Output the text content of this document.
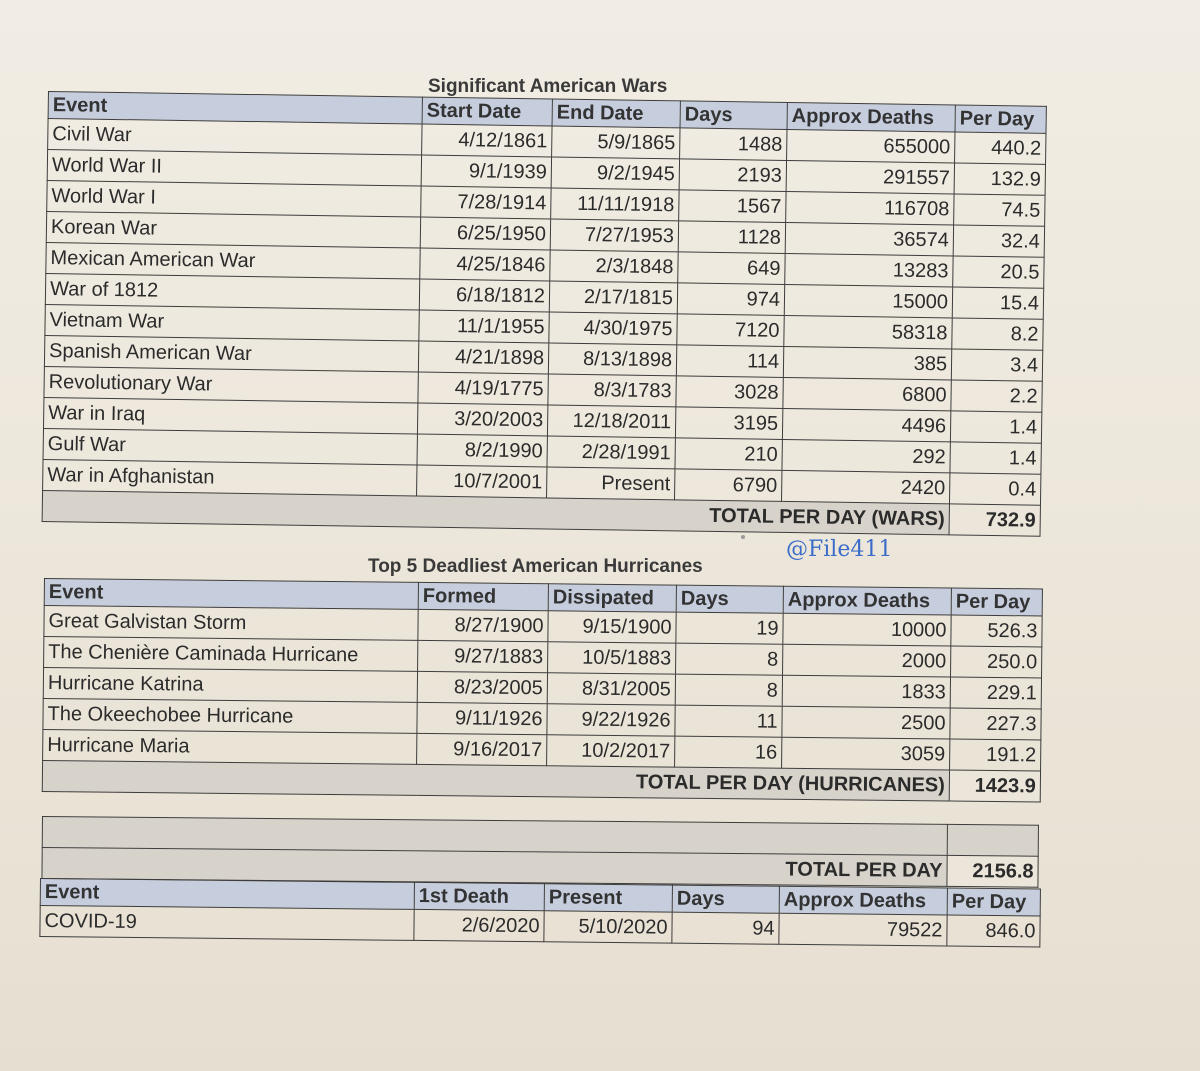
Significant American Wars
Event	Start Date	End Date	Days	Approx Deaths	Per Day
Civil War	4/12/1861	5/9/1865	1488	655000	440.2
World War II	9/1/1939	9/2/1945	2193	291557	132.9
World War I	7/28/1914	11/11/1918	1567	116708	74.5
Korean War	6/25/1950	7/27/1953	1128	36574	32.4
Mexican American War	4/25/1846	2/3/1848	649	13283	20.5
War of 1812	6/18/1812	2/17/1815	974	15000	15.4
Vietnam War	11/1/1955	4/30/1975	7120	58318	8.2
Spanish American War	4/21/1898	8/13/1898	114	385	3.4
Revolutionary War	4/19/1775	8/3/1783	3028	6800	2.2
War in Iraq	3/20/2003	12/18/2011	3195	4496	1.4
Gulf War	8/2/1990	2/28/1991	210	292	1.4
War in Afghanistan	10/7/2001	Present	6790	2420	0.4
TOTAL PER DAY (WARS)					732.9
@File411
Top 5 Deadliest American Hurricanes
Event	Formed	Dissipated	Days	Approx Deaths	Per Day
Great Galvistan Storm	8/27/1900	9/15/1900	19	10000	526.3
The Chenière Caminada Hurricane	9/27/1883	10/5/1883	8	2000	250.0
Hurricane Katrina	8/23/2005	8/31/2005	8	1833	229.1
The Okeechobee Hurricane	9/11/1926	9/22/1926	11	2500	227.3
Hurricane Maria	9/16/2017	10/2/2017	16	3059	191.2
TOTAL PER DAY (HURRICANES)					1423.9

TOTAL PER DAY	2156.8
Event	1st Death	Present	Days	Approx Deaths	Per Day
COVID-19	2/6/2020	5/10/2020	94	79522	846.0
